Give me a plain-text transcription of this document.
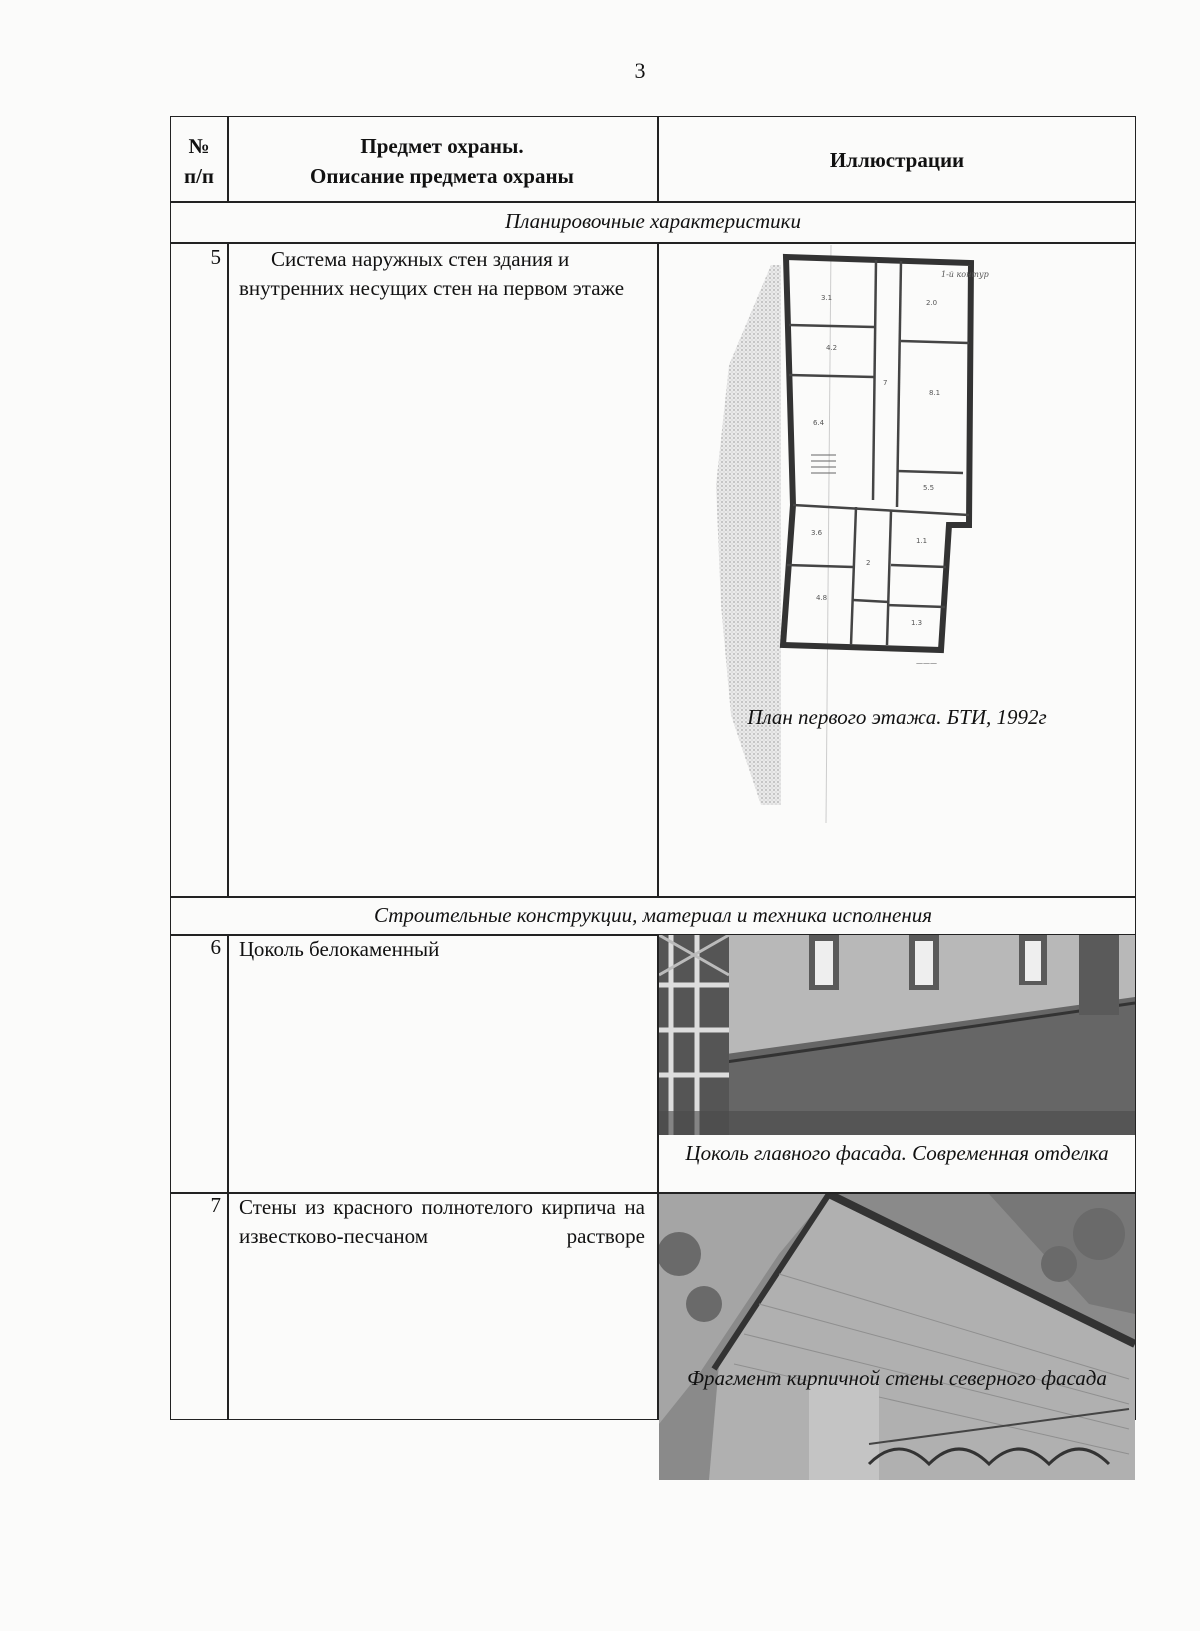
3
№
п/п
Предмет охраны.
Описание предмета охраны
Иллюстрации
Планировочные характеристики
5	Система наружных стен здания и внутренних несущих стен на первом этаже	3.1
2.0
4.2
8.1
6.4
7
5.5
3.6
1.1
2
4.8
1.3
1-й контур
———
План первого этажа. БТИ, 1992г
Строительные конструкции, материал и техника исполнения
6 Цоколь белокаменный
Цоколь главного фасада. Современная отделка
7 Стены из красного полнотелого кирпича на известково-песчаном растворе
Фрагмент кирпичной стены северного фасада
